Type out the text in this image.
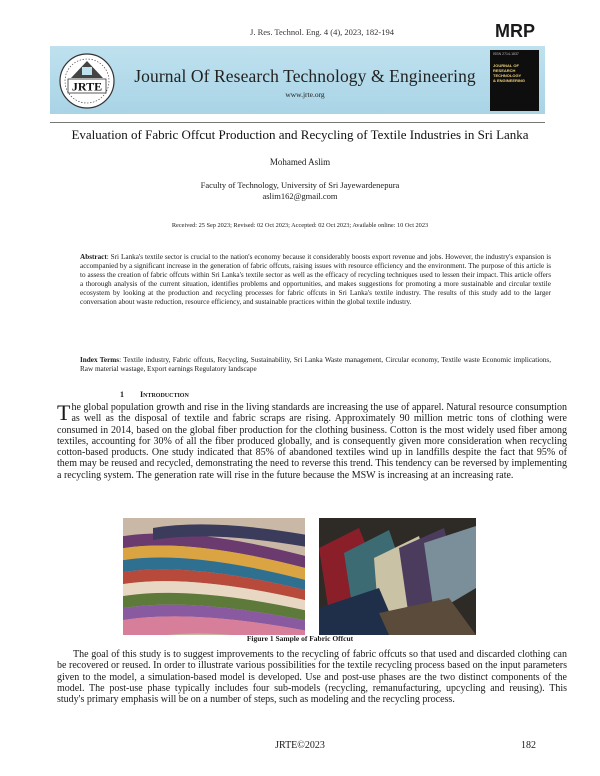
J. Res. Technol. Eng. 4 (4), 2023, 182-194	MRP
JRTE
Journal Of Research Technology & Engineering
www.jrte.org
ISSN 2714-1837
JOURNAL OF
RESEARCH
TECHNOLOGY
& ENGINEERING
Evaluation of Fabric Offcut Production and Recycling of Textile Industries in Sri Lanka
Mohamed Aslim
Faculty of Technology, University of Sri Jayewardenepura
aslim162@gmail.com
Received: 25 Sep 2023; Revised: 02 Oct 2023; Accepted: 02 Oct 2023; Available online: 10 Oct 2023
Abstract: Sri Lanka's textile sector is crucial to the nation's economy because it considerably boosts export revenue and jobs. However, the industry's expansion is accompanied by a significant increase in the generation of fabric offcuts, raising issues with resource efficiency and the environment. The purpose of this article is to assess the creation of fabric offcuts within Sri Lanka's textile sector as well as the efficacy of recycling techniques used to lessen their impact. This article offers a thorough analysis of the current situation, identifies problems and opportunities, and makes suggestions for promoting a more sustainable and circular textile ecosystem by looking at the production and recycling processes for fabric offcuts in Sri Lanka's textile industry. The results of this study add to the larger conversation about waste reduction, resource efficiency, and sustainable practices within the global textile industry.
Index Terms: Textile industry, Fabric offcuts, Recycling, Sustainability, Sri Lanka Waste management, Circular economy, Textile waste Economic implications, Raw material wastage, Export earnings Regulatory landscape
1 Introduction
The global population growth and rise in the living standards are increasing the use of apparel. Natural resource consumption as well as the disposal of textile and fabric scraps are rising. Approximately 90 million metric tons of clothing were consumed in 2014, based on the global fiber production for the clothing business. Cotton is the most widely used fiber among textiles, accounting for 30% of all the fiber produced globally, and is consequently given more consideration when recycling cotton-based products. One study indicated that 85% of abandoned textiles wind up in landfills despite the fact that 95% of them may be reused and recycled, demonstrating the need to reverse this trend. This tendency can be reversed by implementing a recycling system. The generation rate will rise in the future because the MSW is increasing at an increasing rate.
Figure 1 Sample of Fabric Offcut
The goal of this study is to suggest improvements to the recycling of fabric offcuts so that used and discarded clothing can be recovered or reused. In order to illustrate various possibilities for the textile recycling process based on the input parameters given to the model, a simulation-based model is developed. Use and post-use phases are the two distinct components of the model. The post-use phase typically includes four sub-models (recycling, remanufacturing, upcycling and reusing). This study's primary emphasis will be on a number of steps, such as modeling and the recycling process.
JRTE©2023	182
